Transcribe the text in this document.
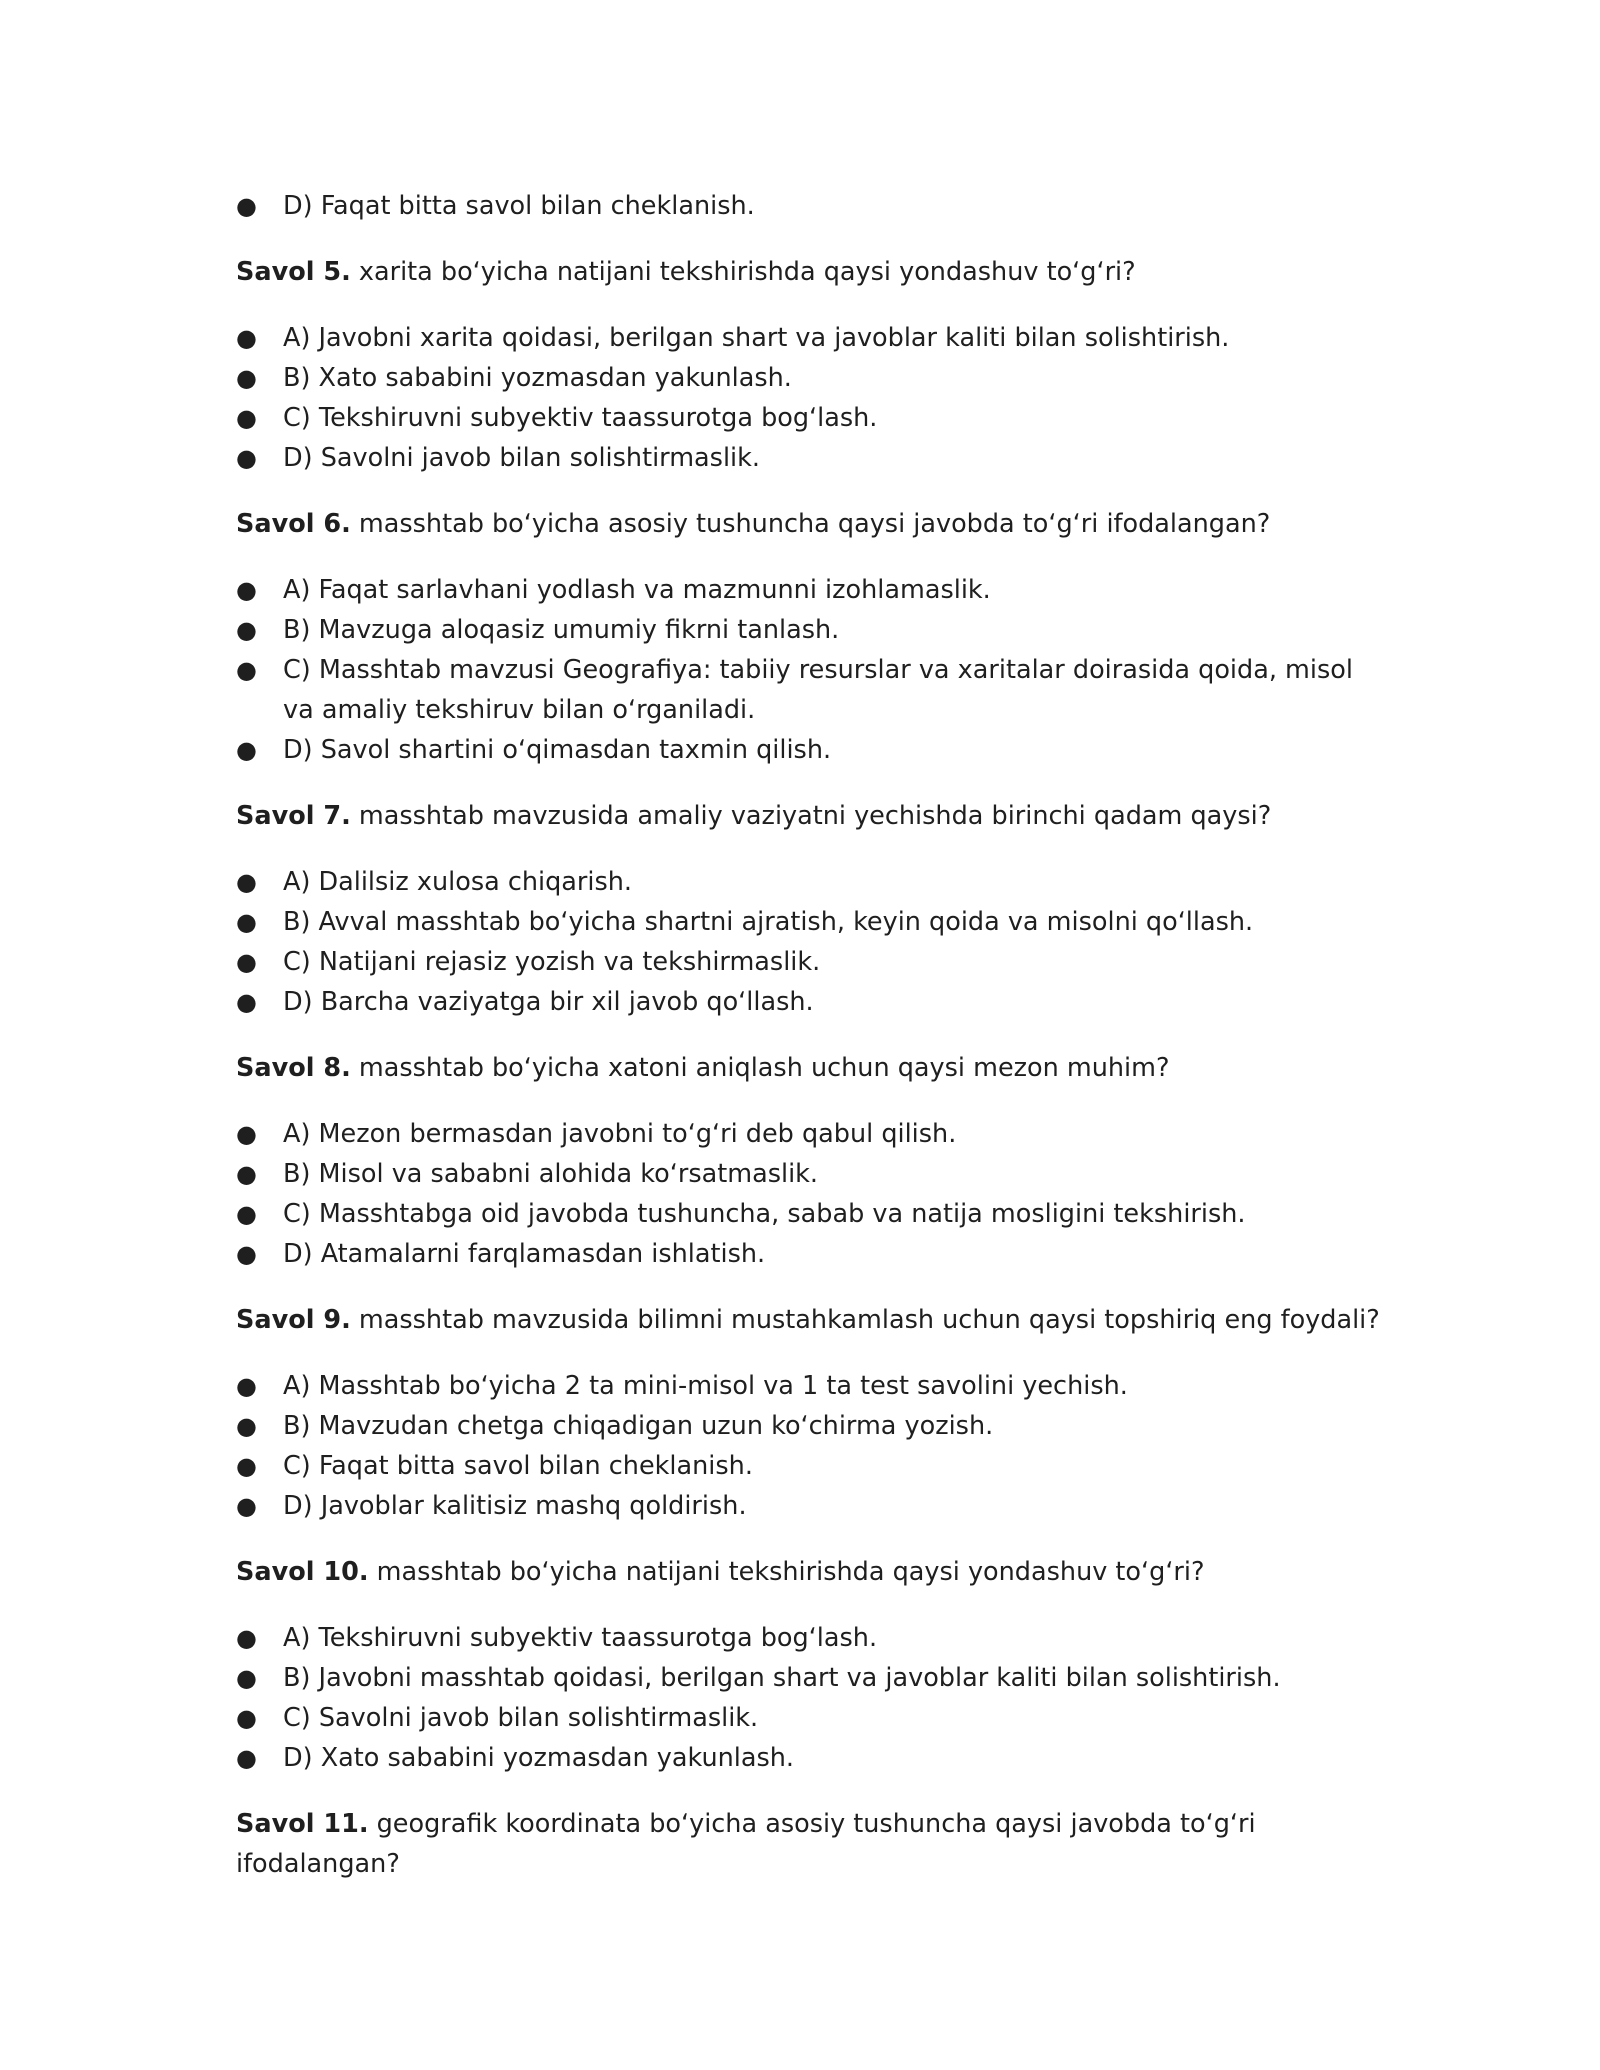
● D) Faqat bitta savol bilan cheklanish.

Savol 5. xarita boʻyicha natijani tekshirishda qaysi yondashuv toʻgʻri?

● A) Javobni xarita qoidasi, berilgan shart va javoblar kaliti bilan solishtirish.
● B) Xato sababini yozmasdan yakunlash.
● C) Tekshiruvni subyektiv taassurotga bogʻlash.
● D) Savolni javob bilan solishtirmaslik.

Savol 6. masshtab boʻyicha asosiy tushuncha qaysi javobda toʻgʻri ifodalangan?

● A) Faqat sarlavhani yodlash va mazmunni izohlamaslik.
● B) Mavzuga aloqasiz umumiy fikrni tanlash.
● C) Masshtab mavzusi Geografiya: tabiiy resurslar va xaritalar doirasida qoida, misol va amaliy tekshiruv bilan oʻrganiladi.
● D) Savol shartini oʻqimasdan taxmin qilish.

Savol 7. masshtab mavzusida amaliy vaziyatni yechishda birinchi qadam qaysi?

● A) Dalilsiz xulosa chiqarish.
● B) Avval masshtab boʻyicha shartni ajratish, keyin qoida va misolni qoʻllash.
● C) Natijani rejasiz yozish va tekshirmaslik.
● D) Barcha vaziyatga bir xil javob qoʻllash.

Savol 8. masshtab boʻyicha xatoni aniqlash uchun qaysi mezon muhim?

● A) Mezon bermasdan javobni toʻgʻri deb qabul qilish.
● B) Misol va sababni alohida koʻrsatmaslik.
● C) Masshtabga oid javobda tushuncha, sabab va natija mosligini tekshirish.
● D) Atamalarni farqlamasdan ishlatish.

Savol 9. masshtab mavzusida bilimni mustahkamlash uchun qaysi topshiriq eng foydali?

● A) Masshtab boʻyicha 2 ta mini-misol va 1 ta test savolini yechish.
● B) Mavzudan chetga chiqadigan uzun koʻchirma yozish.
● C) Faqat bitta savol bilan cheklanish.
● D) Javoblar kalitisiz mashq qoldirish.

Savol 10. masshtab boʻyicha natijani tekshirishda qaysi yondashuv toʻgʻri?

● A) Tekshiruvni subyektiv taassurotga bogʻlash.
● B) Javobni masshtab qoidasi, berilgan shart va javoblar kaliti bilan solishtirish.
● C) Savolni javob bilan solishtirmaslik.
● D) Xato sababini yozmasdan yakunlash.

Savol 11. geografik koordinata boʻyicha asosiy tushuncha qaysi javobda toʻgʻri ifodalangan?
